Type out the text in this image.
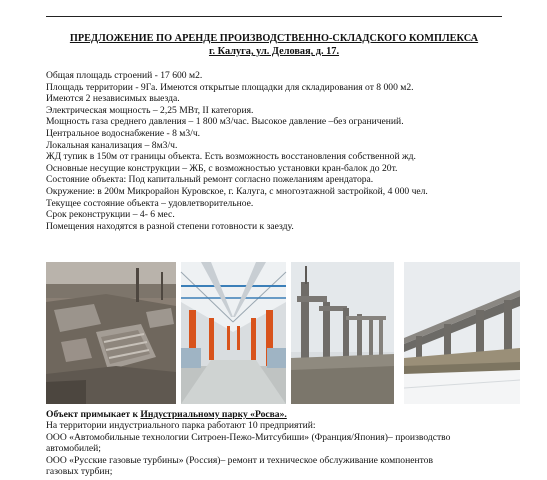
ПРЕДЛОЖЕНИЕ ПО АРЕНДЕ ПРОИЗВОДСТВЕННО-СКЛАДСКОГО КОМПЛЕКСА
г. Калуга, ул. Деловая, д. 17.
Общая площадь строений - 17 600 м2.
Площадь территории - 9Га. Имеются открытые площадки для складирования от 8 000 м2.
Имеются 2 независимых выезда.
Электрическая мощность – 2,25 МВт, II категория.
Мощность газа среднего давления – 1 800 м3/час. Высокое давление –без ограничений.
Центральное водоснабжение - 8 м3/ч.
Локальная канализация – 8м3/ч.
ЖД тупик в 150м от границы объекта. Есть возможность восстановления собственной жд.
Основные несущие конструкции – ЖБ, с возможностью установки кран-балок до 20т.
Состояние объекта: Под капитальный ремонт согласно пожеланиям арендатора.
Окружение: в 200м Микрорайон Куровское, г. Калуга, с многоэтажной застройкой, 4 000 чел.
Текущее состояние объекта – удовлетворительное.
Срок реконструкции – 4- 6 мес.
Помещения находятся в разной степени готовности к заезду.
Объект примыкает к Индустриальному парку «Росва».
На территории индустриального парка работают 10 предприятий:
ООО «Автомобильные технологии Ситроен-Пежо-Митсубиши» (Франция/Япония)– производство
автомобилей;
ООО «Русские газовые турбины» (Россия)– ремонт и техническое обслуживание компонентов
газовых турбин;
